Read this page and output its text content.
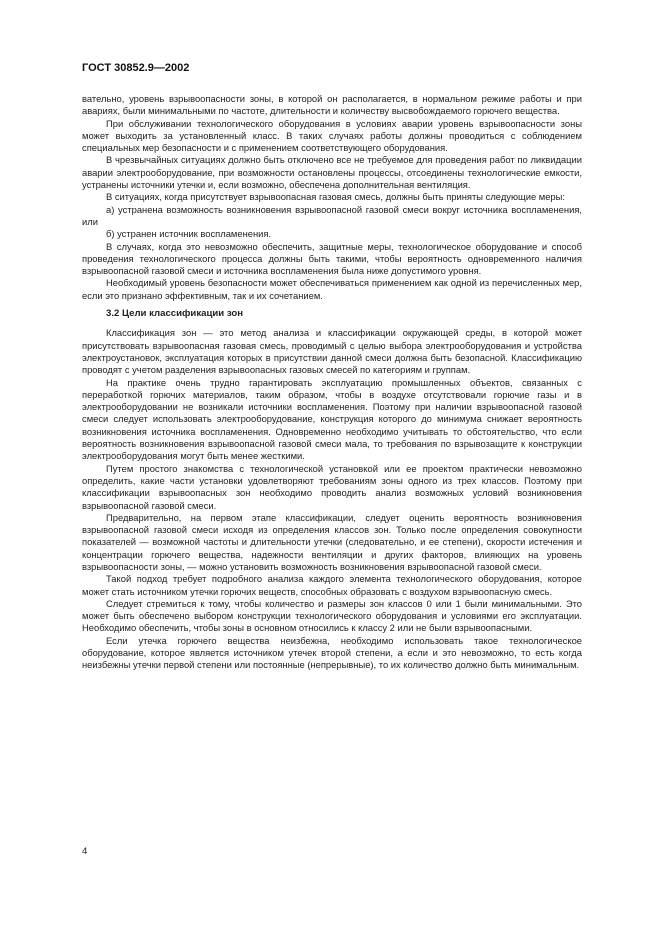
ГОСТ 30852.9—2002

вательно, уровень взрывоопасности зоны, в которой он располагается, в нормальном режиме работы и при авариях, были минимальными по частоте, длительности и количеству высвобождаемого горючего вещества.

При обслуживании технологического оборудования в условиях аварии уровень взрывоопасности зоны может выходить за установленный класс. В таких случаях работы должны проводиться с соблюдением специальных мер безопасности и с применением соответствующего оборудования.

В чрезвычайных ситуациях должно быть отключено все не требуемое для проведения работ по ликвидации аварии электрооборудование, при возможности остановлены процессы, отсоединены технологические емкости, устранены источники утечки и, если возможно, обеспечена дополнительная вентиляция.

В ситуациях, когда присутствует взрывоопасная газовая смесь, должны быть приняты следующие меры:

а) устранена возможность возникновения взрывоопасной газовой смеси вокруг источника воспламенения, или

б) устранен источник воспламенения.

В случаях, когда это невозможно обеспечить, защитные меры, технологическое оборудование и способ проведения технологического процесса должны быть такими, чтобы вероятность одновременного наличия взрывоопасной газовой смеси и источника воспламенения была ниже допустимого уровня.

Необходимый уровень безопасности может обеспечиваться применением как одной из перечисленных мер, если это признано эффективным, так и их сочетанием.

3.2 Цели классификации зон

Классификация зон — это метод анализа и классификации окружающей среды, в которой может присутствовать взрывоопасная газовая смесь, проводимый с целью выбора электрооборудования и устройства электроустановок, эксплуатация которых в присутствии данной смеси должна быть безопасной. Классификацию проводят с учетом разделения взрывоопасных газовых смесей по категориям и группам.

На практике очень трудно гарантировать эксплуатацию промышленных объектов, связанных с переработкой горючих материалов, таким образом, чтобы в воздухе отсутствовали горючие газы и в электрооборудовании не возникали источники воспламенения. Поэтому при наличии взрывоопасной газовой смеси следует использовать электрооборудование, конструкция которого до минимума снижает вероятность возникновения источника воспламенения. Одновременно необходимо учитывать то обстоятельство, что если вероятность возникновения взрывоопасной газовой смеси мала, то требования по взрывозащите к конструкции электрооборудования могут быть менее жесткими.

Путем простого знакомства с технологической установкой или ее проектом практически невозможно определить, какие части установки удовлетворяют требованиям зоны одного из трех классов. Поэтому при классификации взрывоопасных зон необходимо проводить анализ возможных условий возникновения взрывоопасной газовой смеси.

Предварительно, на первом этапе классификации, следует оценить вероятность возникновения взрывоопасной газовой смеси исходя из определения классов зон. Только после определения совокупности показателей — возможной частоты и длительности утечки (следовательно, и ее степени), скорости истечения и концентрации горючего вещества, надежности вентиляции и других факторов, влияющих на уровень взрывоопасности зоны, — можно установить возможность возникновения взрывоопасной газовой смеси.

Такой подход требует подробного анализа каждого элемента технологического оборудования, которое может стать источником утечки горючих веществ, способных образовать с воздухом взрывоопасную смесь.

Следует стремиться к тому, чтобы количество и размеры зон классов 0 или 1 были минимальными. Это может быть обеспечено выбором конструкции технологического оборудования и условиями его эксплуатации. Необходимо обеспечить, чтобы зоны в основном относились к классу 2 или не были взрывоопасными.

Если утечка горючего вещества неизбежна, необходимо использовать такое технологическое оборудование, которое является источником утечек второй степени, а если и это невозможно, то есть когда неизбежны утечки первой степени или постоянные (непрерывные), то их количество должно быть минимальным.

4
